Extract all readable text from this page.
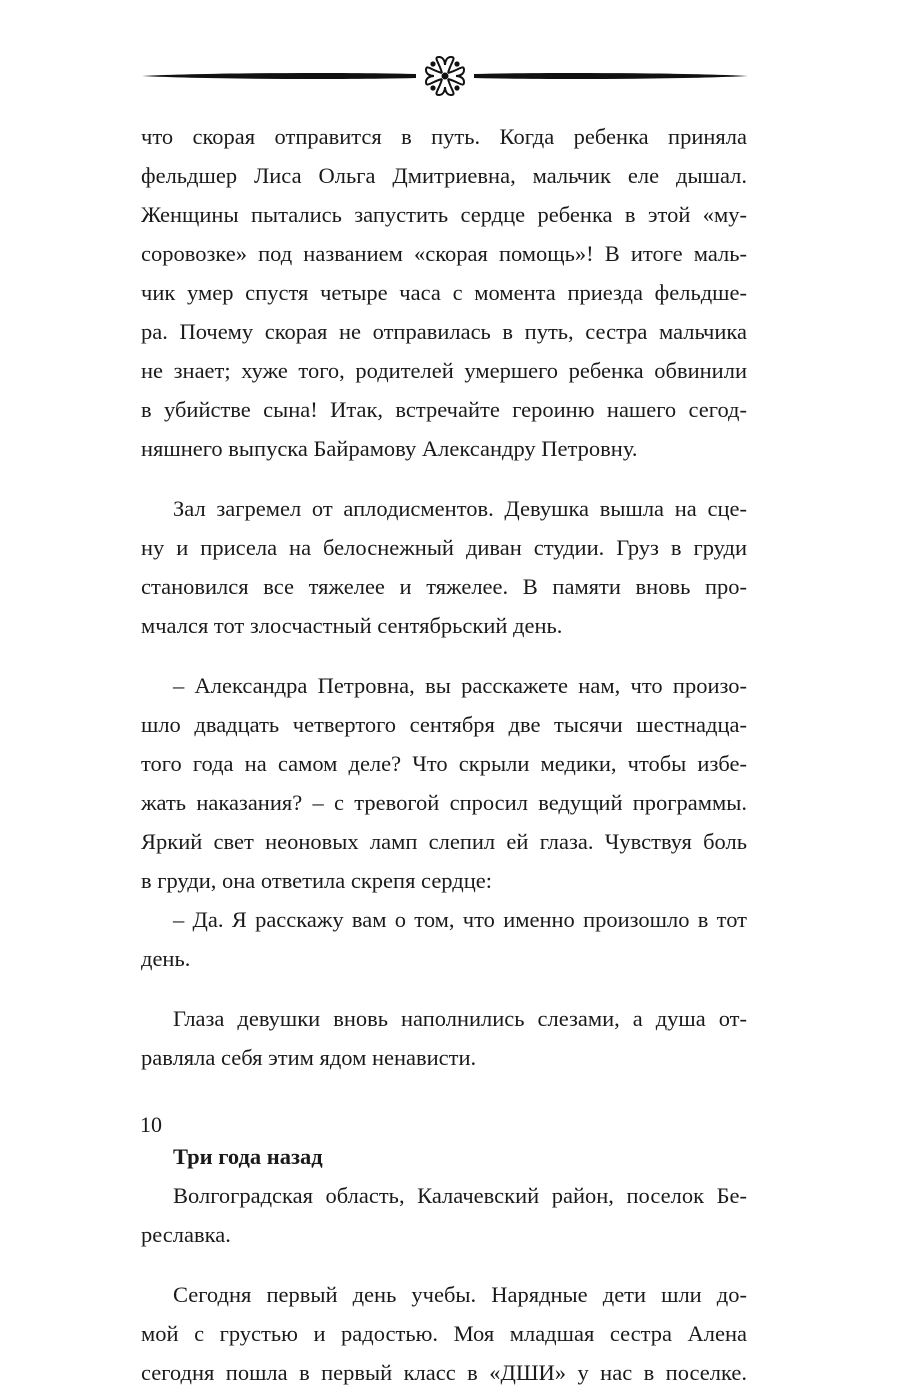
что скорая отправится в путь. Когда ребенка приняла
фельдшер Лиса Ольга Дмитриевна, мальчик еле дышал.
Женщины пытались запустить сердце ребенка в этой «му-
соровозке» под названием «скорая помощь»! В итоге маль-
чик умер спустя четыре часа с момента приезда фельдше-
ра. Почему скорая не отправилась в путь, сестра мальчика
не знает; хуже того, родителей умершего ребенка обвинили
в убийстве сына! Итак, встречайте героиню нашего сегод-
няшнего выпуска Байрамову Александру Петровну.
Зал загремел от аплодисментов. Девушка вышла на сце-
ну и присела на белоснежный диван студии. Груз в груди
становился все тяжелее и тяжелее. В памяти вновь про-
мчался тот злосчастный сентябрьский день.
– Александра Петровна, вы расскажете нам, что произо-
шло двадцать четвертого сентября две тысячи шестнадца-
того года на самом деле? Что скрыли медики, чтобы избе-
жать наказания? – с тревогой спросил ведущий программы.
Яркий свет неоновых ламп слепил ей глаза. Чувствуя боль
в груди, она ответила скрепя сердце:
– Да. Я расскажу вам о том, что именно произошло в тот
день.
Глаза девушки вновь наполнились слезами, а душа от-
равляла себя этим ядом ненависти.
Три года назад
Волгоградская область, Калачевский район, поселок Бе-
реславка.
Сегодня первый день учебы. Нарядные дети шли до-
мой с грустью и радостью. Моя младшая сестра Алена
сегодня пошла в первый класс в «ДШИ» у нас в поселке.
10
